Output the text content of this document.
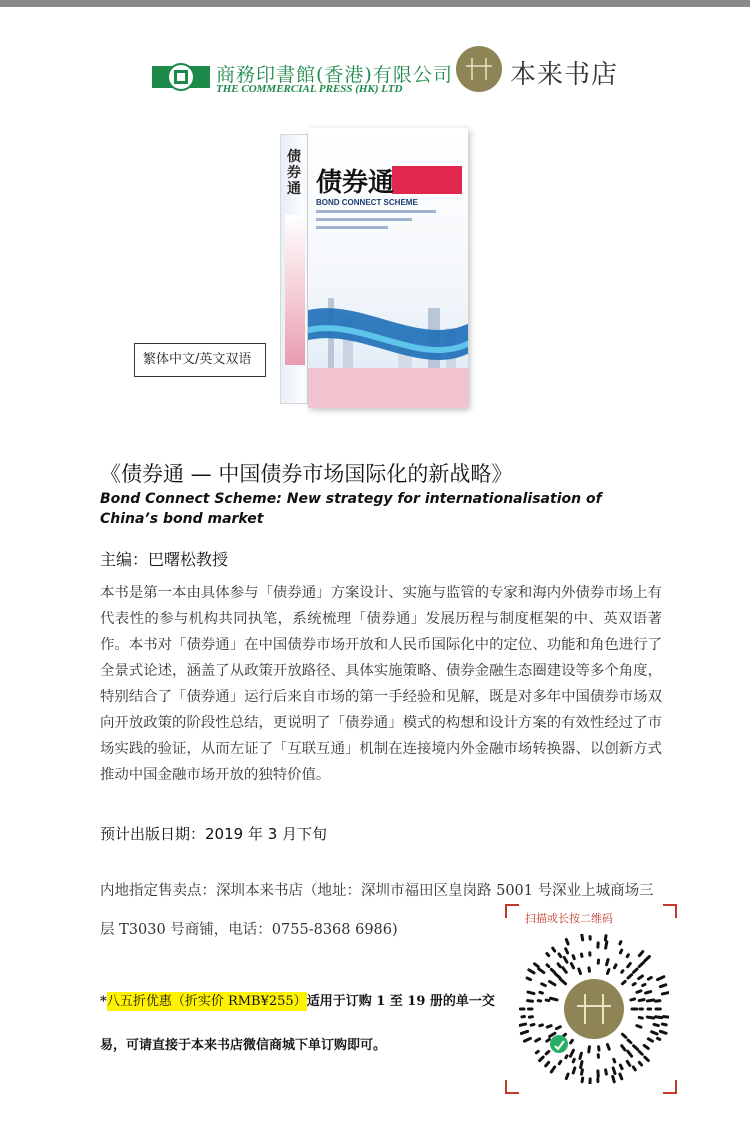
商務印書館(香港)有限公司
THE COMMERCIAL PRESS (HK) LTD	本来书店
债券通 债券通
BOND CONNECT SCHEME
繁体中文/英文双语
《债券通 — 中国债券市场国际化的新战略》
Bond Connect Scheme: New strategy for internationalisation of China’s bond market
主编：巴曙松教授
本书是第一本由具体参与「债券通」方案设计、实施与监管的专家和海内外债券市场上有代表性的参与机构共同执笔，系统梳理「债券通」发展历程与制度框架的中、英双语著作。本书对「债券通」在中国债券市场开放和人民币国际化中的定位、功能和角色进行了全景式论述，涵盖了从政策开放路径、具体实施策略、债券金融生态圈建设等多个角度，特别结合了「债券通」运行后来自市场的第一手经验和见解，既是对多年中国债券市场双向开放政策的阶段性总结，更说明了「债券通」模式的构想和设计方案的有效性经过了市场实践的验证，从而左证了「互联互通」机制在连接境内外金融市场转换器、以创新方式推动中国金融市场开放的独特价值。
预计出版日期：2019 年 3 月下旬
内地指定售卖点：深圳本来书店（地址：深圳市福田区皇岗路 5001 号深业上城商场三层 T3030 号商铺，电话：0755-8368 6986)
*八五折优惠（折实价 RMB¥255）适用于订购 1 至 19 册的单一交易，可请直接于本来书店微信商城下单订购即可。
扫描或长按二维码
